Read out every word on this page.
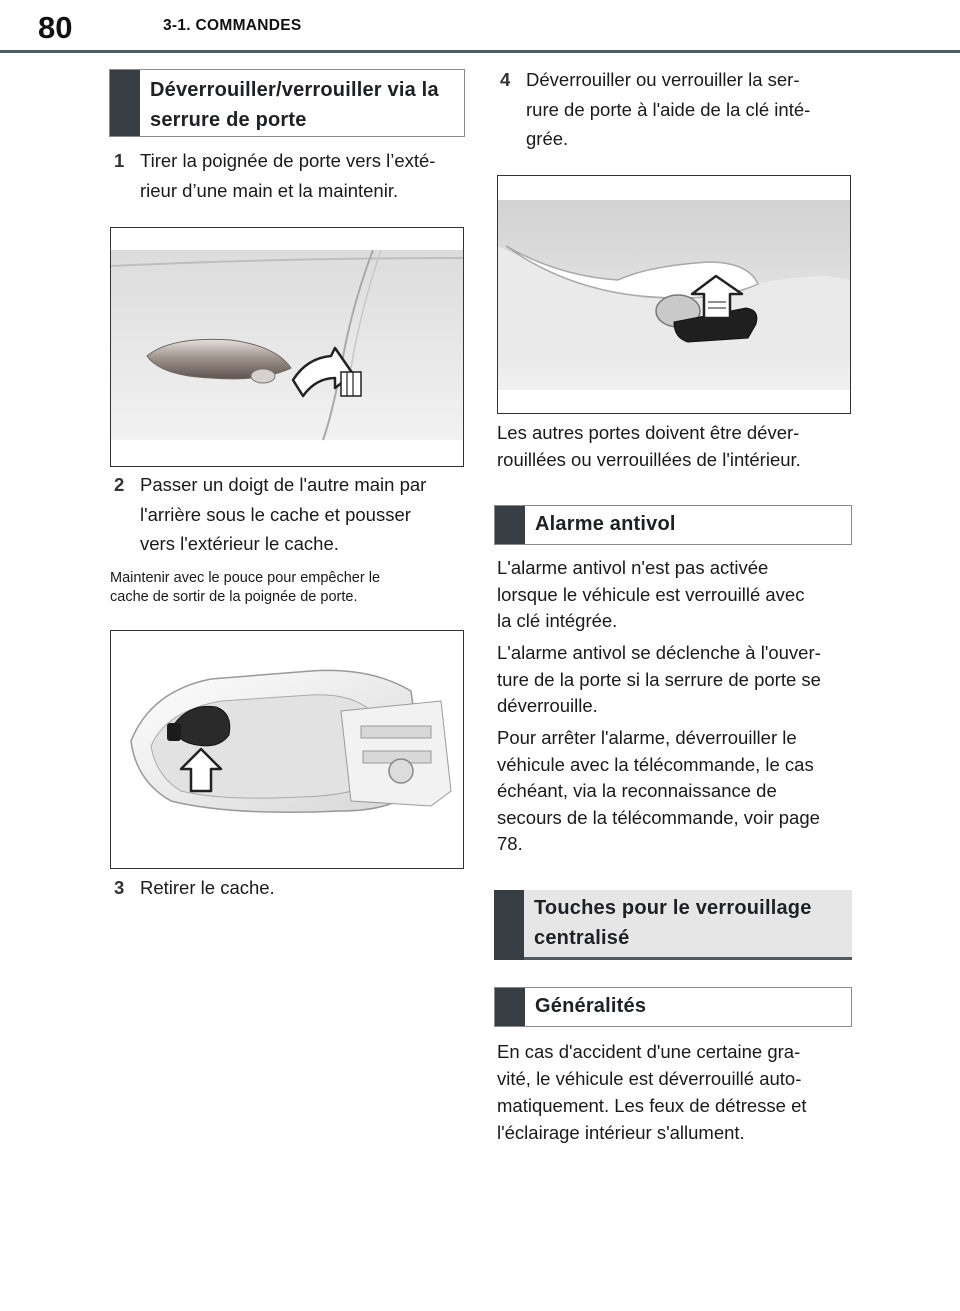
80	3-1. COMMANDES
Déverrouiller/verrouiller via la serrure de porte
1 Tirer la poignée de porte vers l’exté-
rieur d’une main et la maintenir.
2 Passer un doigt de l'autre main par
l'arrière sous le cache et pousser
vers l'extérieur le cache.
Maintenir avec le pouce pour empêcher le
cache de sortir de la poignée de porte.
3 Retirer le cache.
4 Déverrouiller ou verrouiller la ser-
rure de porte à l'aide de la clé inté-
grée.
Les autres portes doivent être déver-
rouillées ou verrouillées de l'intérieur.
Alarme antivol
L'alarme antivol n'est pas activée
lorsque le véhicule est verrouillé avec
la clé intégrée.
L'alarme antivol se déclenche à l'ouver-
ture de la porte si la serrure de porte se
déverrouille.
Pour arrêter l'alarme, déverrouiller le
véhicule avec la télécommande, le cas
échéant, via la reconnaissance de
secours de la télécommande, voir page
78.
Touches pour le verrouillage centralisé
Généralités
En cas d'accident d'une certaine gra-
vité, le véhicule est déverrouillé auto-
matiquement. Les feux de détresse et
l'éclairage intérieur s'allument.
